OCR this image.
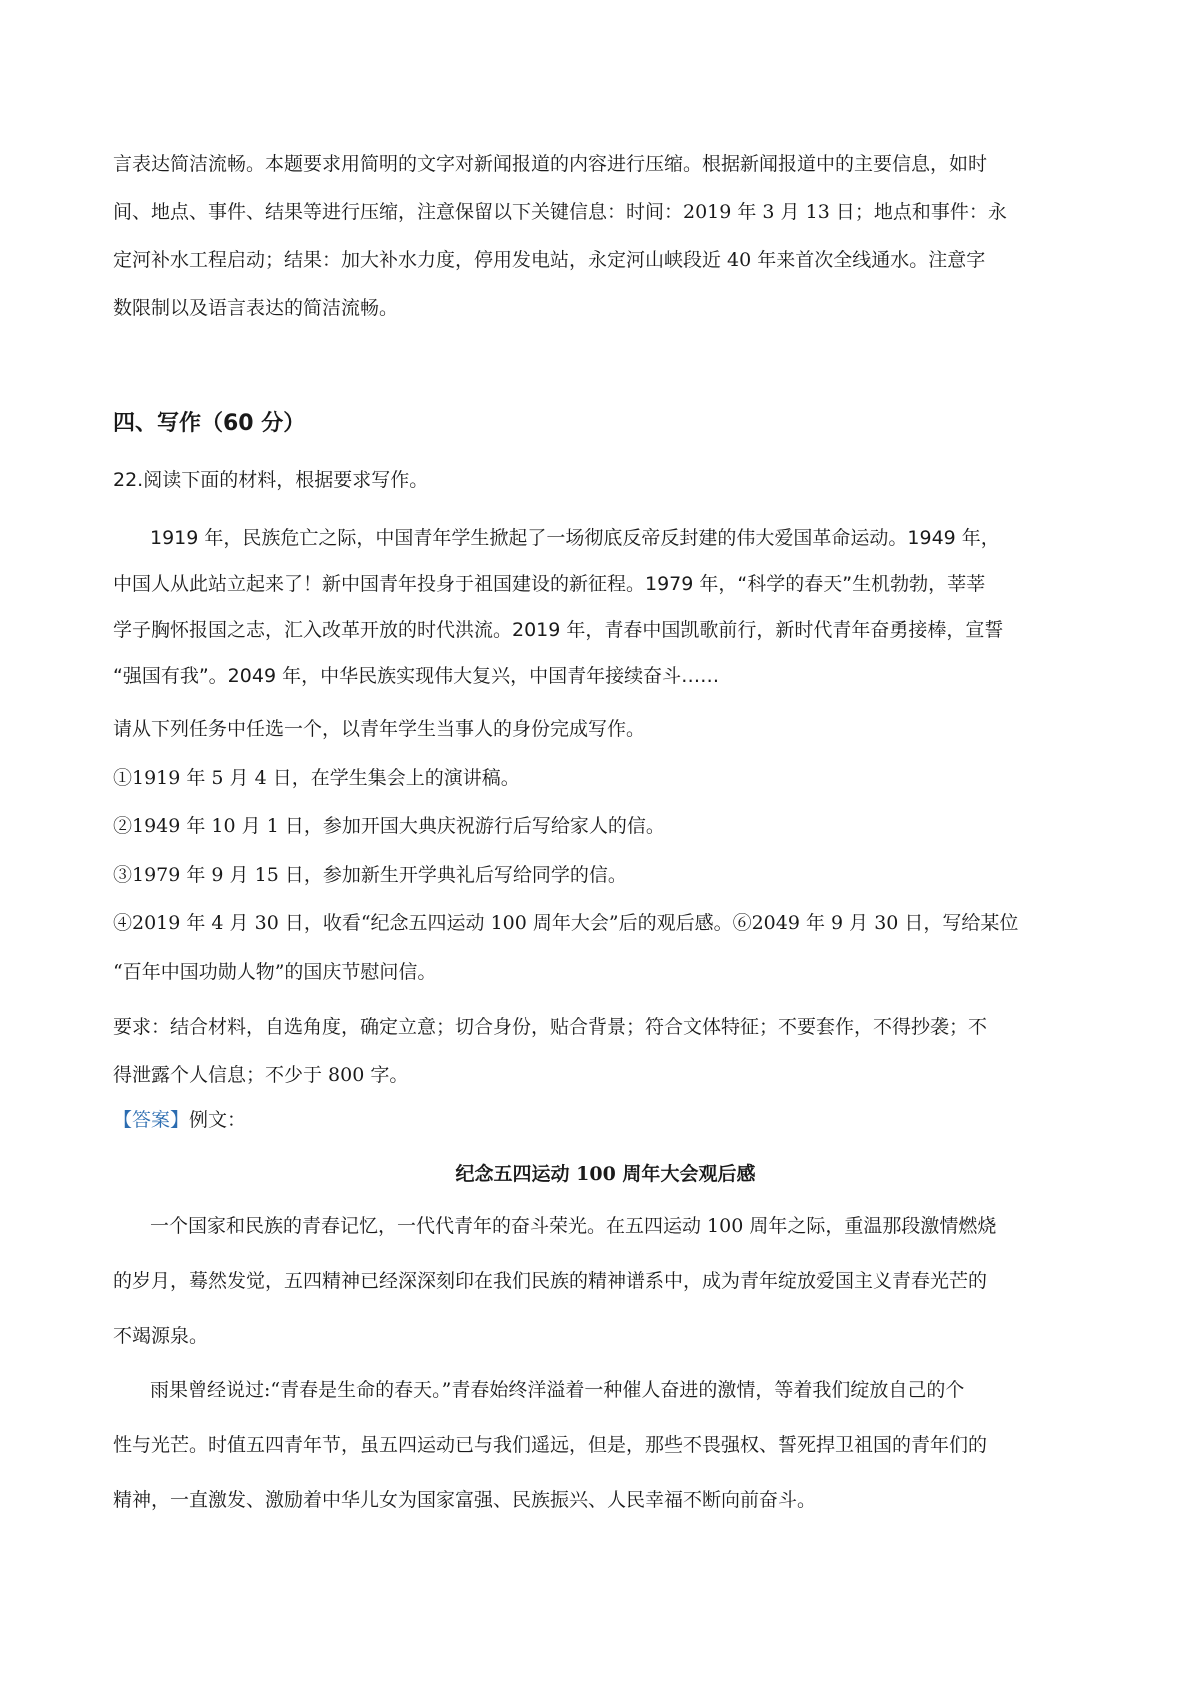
言表达简洁流畅。本题要求用简明的文字对新闻报道的内容进行压缩。根据新闻报道中的主要信息，如时
间、地点、事件、结果等进行压缩，注意保留以下关键信息：时间：2019 年 3 月 13 日；地点和事件：永
定河补水工程启动；结果：加大补水力度，停用发电站，永定河山峡段近 40 年来首次全线通水。注意字
数限制以及语言表达的简洁流畅。
四、写作（60 分）

22.阅读下面的材料，根据要求写作。

1919 年，民族危亡之际，中国青年学生掀起了一场彻底反帝反封建的伟大爱国革命运动。1949 年，
中国人从此站立起来了！新中国青年投身于祖国建设的新征程。1979 年，“科学的春天”生机勃勃，莘莘
学子胸怀报国之志，汇入改革开放的时代洪流。2019 年，青春中国凯歌前行，新时代青年奋勇接棒，宣誓
“强国有我”。2049 年，中华民族实现伟大复兴，中国青年接续奋斗……
请从下列任务中任选一个，以青年学生当事人的身份完成写作。
①1919 年 5 月 4 日，在学生集会上的演讲稿。
②1949 年 10 月 1 日，参加开国大典庆祝游行后写给家人的信。
③1979 年 9 月 15 日，参加新生开学典礼后写给同学的信。
④2019 年 4 月 30 日，收看“纪念五四运动 100 周年大会”后的观后感。⑥2049 年 9 月 30 日，写给某位
“百年中国功勋人物”的国庆节慰问信。
要求：结合材料，自选角度，确定立意；切合身份，贴合背景；符合文体特征；不要套作，不得抄袭；不
得泄露个人信息；不少于 800 字。

【答案】例文：

纪念五四运动 100 周年大会观后感
一个国家和民族的青春记忆，一代代青年的奋斗荣光。在五四运动 100 周年之际，重温那段激情燃烧
的岁月，蓦然发觉，五四精神已经深深刻印在我们民族的精神谱系中，成为青年绽放爱国主义青春光芒的
不竭源泉。
雨果曾经说过:“青春是生命的春天。”青春始终洋溢着一种催人奋进的激情，等着我们绽放自己的个
性与光芒。时值五四青年节，虽五四运动已与我们遥远，但是，那些不畏强权、誓死捍卫祖国的青年们的
精神，一直激发、激励着中华儿女为国家富强、民族振兴、人民幸福不断向前奋斗。
